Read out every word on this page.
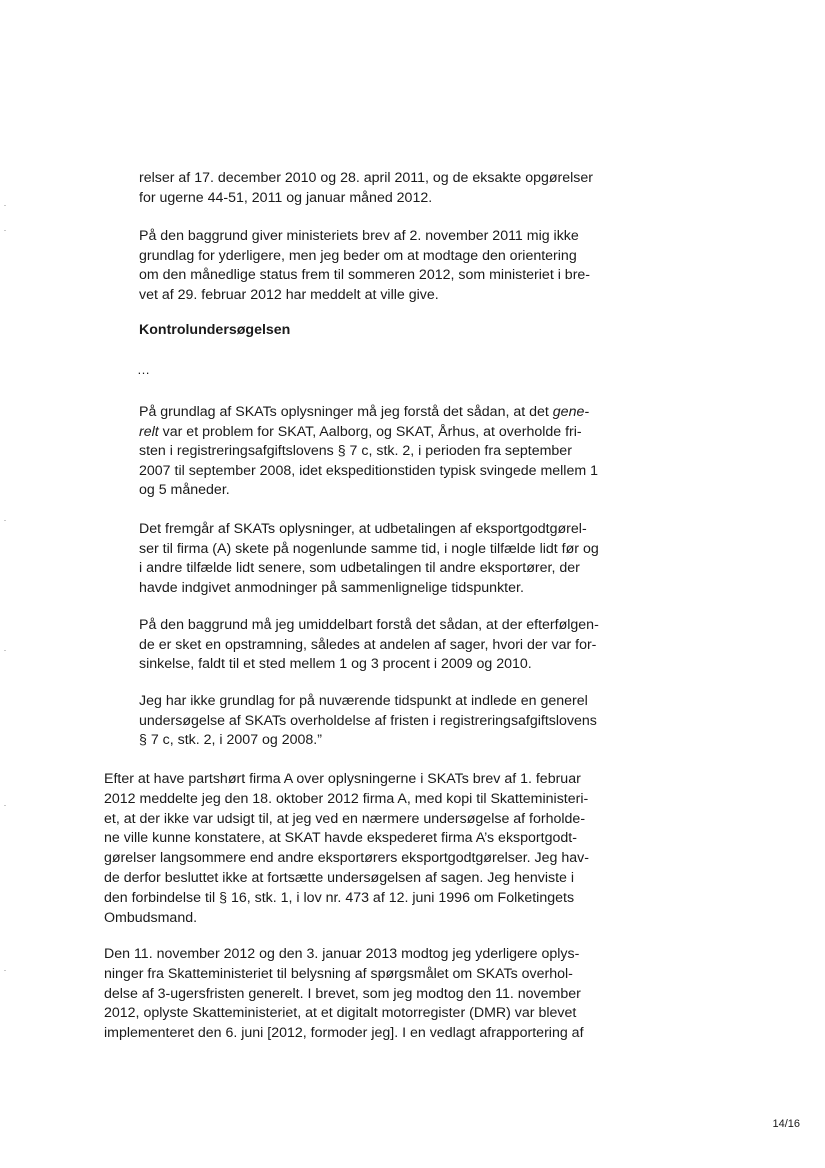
relser af 17. december 2010 og 28. april 2011, og de eksakte opgørelser
for ugerne 44-51, 2011 og januar måned 2012.
På den baggrund giver ministeriets brev af 2. november 2011 mig ikke
grundlag for yderligere, men jeg beder om at modtage den orientering
om den månedlige status frem til sommeren 2012, som ministeriet i bre-
vet af 29. februar 2012 har meddelt at ville give.
Kontrolundersøgelsen
…
På grundlag af SKATs oplysninger må jeg forstå det sådan, at det gene-
relt var et problem for SKAT, Aalborg, og SKAT, Århus, at overholde fri-
sten i registreringsafgiftslovens § 7 c, stk. 2, i perioden fra september
2007 til september 2008, idet ekspeditionstiden typisk svingede mellem 1
og 5 måneder.
Det fremgår af SKATs oplysninger, at udbetalingen af eksportgodtgørel-
ser til firma (A) skete på nogenlunde samme tid, i nogle tilfælde lidt før og
i andre tilfælde lidt senere, som udbetalingen til andre eksportører, der
havde indgivet anmodninger på sammenlignelige tidspunkter.
På den baggrund må jeg umiddelbart forstå det sådan, at der efterfølgen-
de er sket en opstramning, således at andelen af sager, hvori der var for-
sinkelse, faldt til et sted mellem 1 og 3 procent i 2009 og 2010.
Jeg har ikke grundlag for på nuværende tidspunkt at indlede en generel
undersøgelse af SKATs overholdelse af fristen i registreringsafgiftslovens
§ 7 c, stk. 2, i 2007 og 2008.”
Efter at have partshørt firma A over oplysningerne i SKATs brev af 1. februar
2012 meddelte jeg den 18. oktober 2012 firma A, med kopi til Skatteministeri-
et, at der ikke var udsigt til, at jeg ved en nærmere undersøgelse af forholde-
ne ville kunne konstatere, at SKAT havde ekspederet firma A’s eksportgodt-
gørelser langsommere end andre eksportørers eksportgodtgørelser. Jeg hav-
de derfor besluttet ikke at fortsætte undersøgelsen af sagen. Jeg henviste i
den forbindelse til § 16, stk. 1, i lov nr. 473 af 12. juni 1996 om Folketingets
Ombudsmand.
Den 11. november 2012 og den 3. januar 2013 modtog jeg yderligere oplys-
ninger fra Skatteministeriet til belysning af spørgsmålet om SKATs overhol-
delse af 3-ugersfristen generelt. I brevet, som jeg modtog den 11. november
2012, oplyste Skatteministeriet, at et digitalt motorregister (DMR) var blevet
implementeret den 6. juni [2012, formoder jeg]. I en vedlagt afrapportering af
14/16
